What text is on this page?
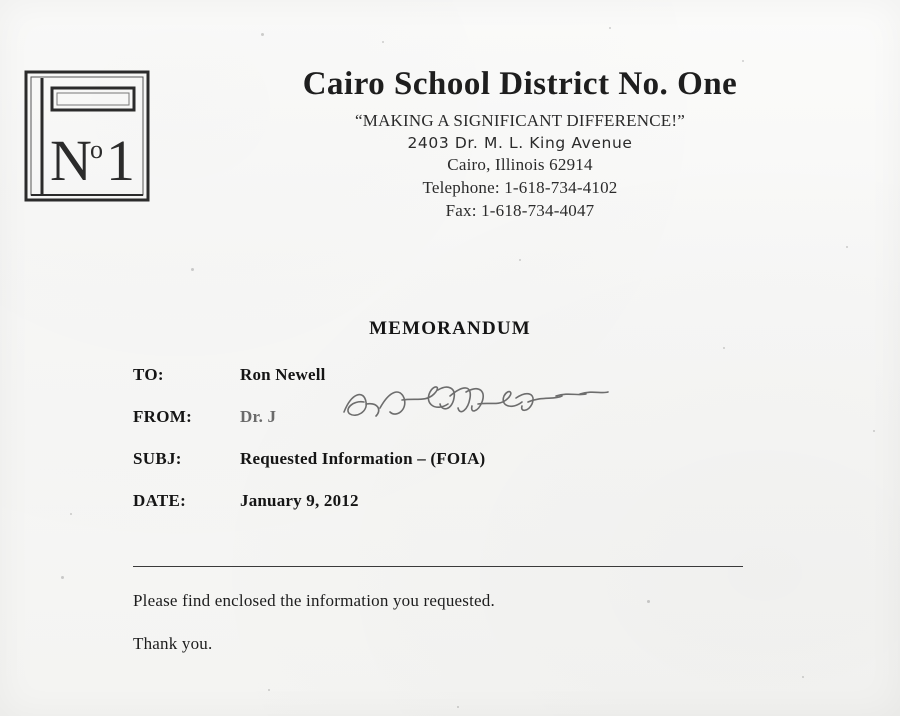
N
o 1
Cairo School District No. One
“MAKING A SIGNIFICANT DIFFERENCE!”
2403 Dr. M. L. King Avenue
Cairo, Illinois 62914
Telephone: 1-618-734-4102
Fax: 1-618-734-4047
MEMORANDUM
TO:	Ron Newell
FROM:	Dr. J
SUBJ:	Requested Information – (FOIA)
DATE:	January 9, 2012
Please find enclosed the information you requested.
Thank you.
